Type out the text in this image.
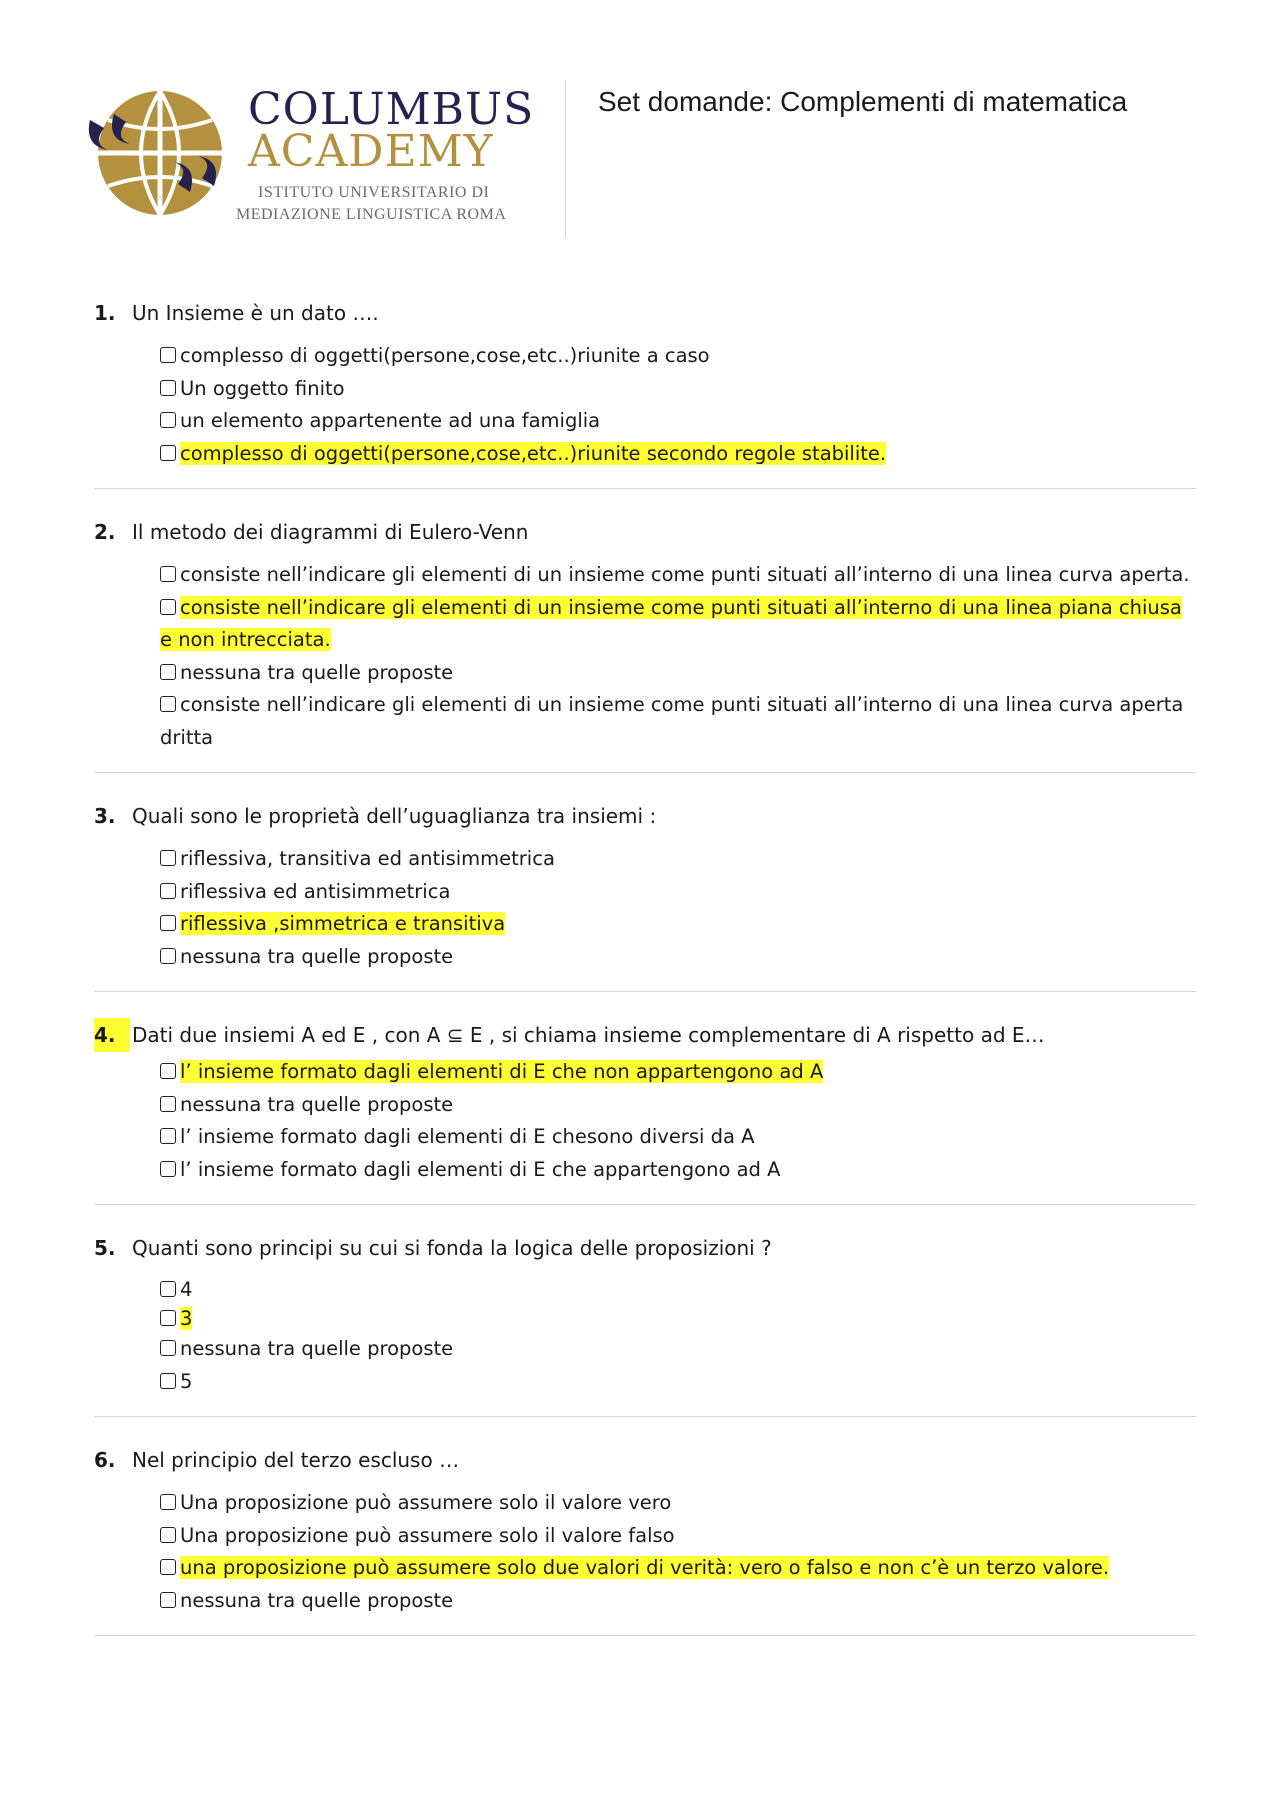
COLUMBUS
ACADEMY
ISTITUTO UNIVERSITARIO DI
MEDIAZIONE LINGUISTICA ROMA
Set domande: Complementi di matematica
1. Un Insieme è un dato ….
complesso di oggetti(persone,cose,etc..)riunite a caso
Un oggetto finito
un elemento appartenente ad una famiglia
complesso di oggetti(persone,cose,etc..)riunite secondo regole stabilite.
2. Il metodo dei diagrammi di Eulero-Venn
consiste nell’indicare gli elementi di un insieme come punti situati all’interno di una linea curva aperta.
consiste nell’indicare gli elementi di un insieme come punti situati all’interno di una linea piana chiusa e non intrecciata.
nessuna tra quelle proposte
consiste nell’indicare gli elementi di un insieme come punti situati all’interno di una linea curva aperta dritta
3. Quali sono le proprietà dell’uguaglianza tra insiemi :
riflessiva, transitiva ed antisimmetrica
riflessiva ed antisimmetrica
riflessiva ,simmetrica e transitiva
nessuna tra quelle proposte
4. Dati due insiemi A ed E , con A ⊆ E , si chiama insieme complementare di A rispetto ad E…
l’ insieme formato dagli elementi di E che non appartengono ad A
nessuna tra quelle proposte
l’ insieme formato dagli elementi di E chesono diversi da A
l’ insieme formato dagli elementi di E che appartengono ad A
5. Quanti sono principi su cui si fonda la logica delle proposizioni ?
4
3
nessuna tra quelle proposte
5
6. Nel principio del terzo escluso …
Una proposizione può assumere solo il valore vero
Una proposizione può assumere solo il valore falso
una proposizione può assumere solo due valori di verità: vero o falso e non c’è un terzo valore.
nessuna tra quelle proposte
